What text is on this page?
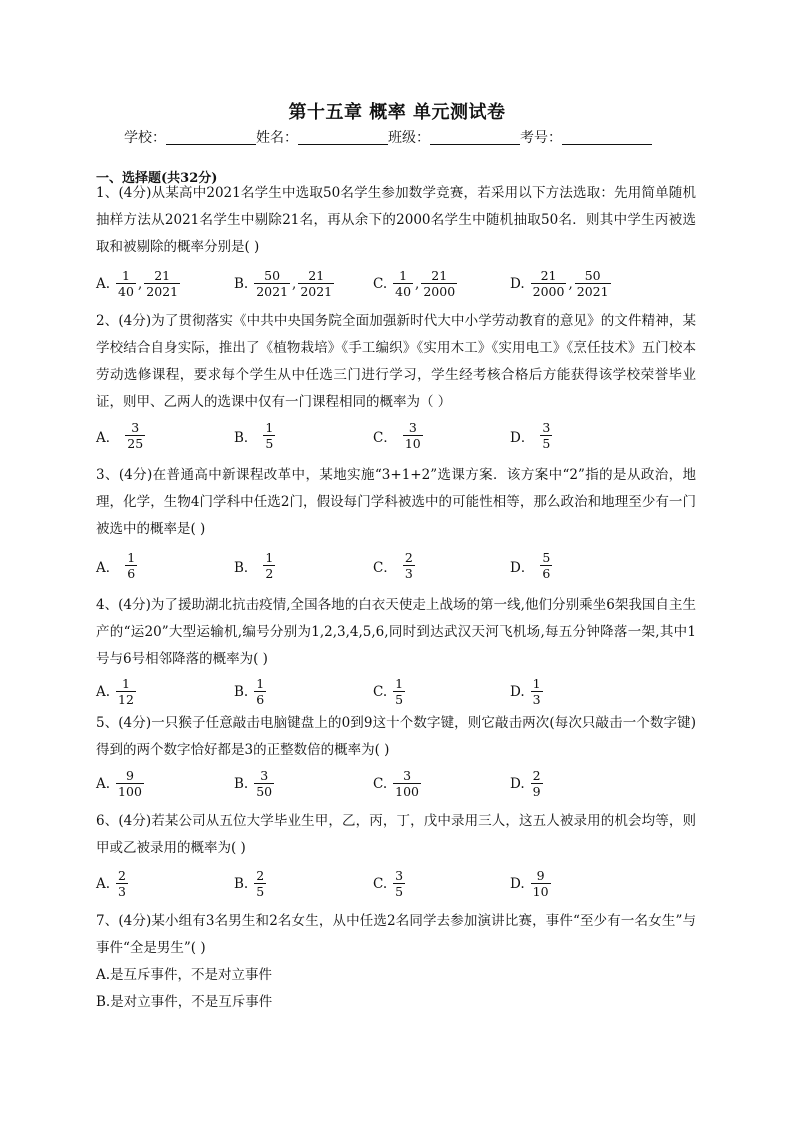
第十五章 概率 单元测试卷
学校：	姓名：	班级：	考号：
一、选择题(共32分)
1、(4分)从某高中2021名学生中选取50名学生参加数学竞赛，若采用以下方法选取：先用简单随机抽样方法从2021名学生中剔除21名，再从余下的2000名学生中随机抽取50名．则其中学生丙被选取和被剔除的概率分别是( )
A. $\frac{1}{40}$ , $\frac{21}{2021}$	B. $\frac{50}{2021}$ , $\frac{21}{2021}$	C. $\frac{1}{40}$ , $\frac{21}{2000}$	D. $\frac{21}{2000}$ , $\frac{50}{2021}$
2、(4分)为了贯彻落实《中共中央国务院全面加强新时代大中小学劳动教育的意见》的文件精神，某学校结合自身实际，推出了《植物栽培》《手工编织》《实用木工》《实用电工》《烹任技术》五门校本劳动选修课程，要求每个学生从中任选三门进行学习，学生经考核合格后方能获得该学校荣誉毕业证，则甲、乙两人的选课中仅有一门课程相同的概率为（ ）
A． $\frac{3}{25}$	B． $\frac{1}{5}$	C． $\frac{3}{10}$	D． $\frac{3}{5}$
3、(4分)在普通高中新课程改革中，某地实施“3+1+2”选课方案．该方案中“2”指的是从政治，地理，化学，生物4门学科中任选2门，假设每门学科被选中的可能性相等，那么政治和地理至少有一门被选中的概率是( )
A． $\frac{1}{6}$	B． $\frac{1}{2}$	C． $\frac{2}{3}$	D． $\frac{5}{6}$
4、(4分)为了援助湖北抗击疫情,全国各地的白衣天使走上战场的第一线,他们分别乘坐6架我国自主生产的“运20”大型运输机,编号分别为1,2,3,4,5,6,同时到达武汉天河飞机场,每五分钟降落一架,其中1号与6号相邻降落的概率为( )
A. $\frac{1}{12}$	B. $\frac{1}{6}$	C. $\frac{1}{5}$	D. $\frac{1}{3}$
5、(4分)一只猴子任意敲击电脑键盘上的0到9这十个数字键，则它敲击两次(每次只敲击一个数字键)得到的两个数字恰好都是3的正整数倍的概率为( )
A. $\frac{9}{100}$	B. $\frac{3}{50}$	C. $\frac{3}{100}$	D. $\frac{2}{9}$
6、(4分)若某公司从五位大学毕业生甲，乙，丙，丁，戊中录用三人，这五人被录用的机会均等，则甲或乙被录用的概率为( )
A. $\frac{2}{3}$	B. $\frac{2}{5}$	C. $\frac{3}{5}$	D. $\frac{9}{10}$
7、(4分)某小组有3名男生和2名女生，从中任选2名同学去参加演讲比赛，事件“至少有一名女生”与事件“全是男生”( )
A.是互斥事件，不是对立事件
B.是对立事件，不是互斥事件
